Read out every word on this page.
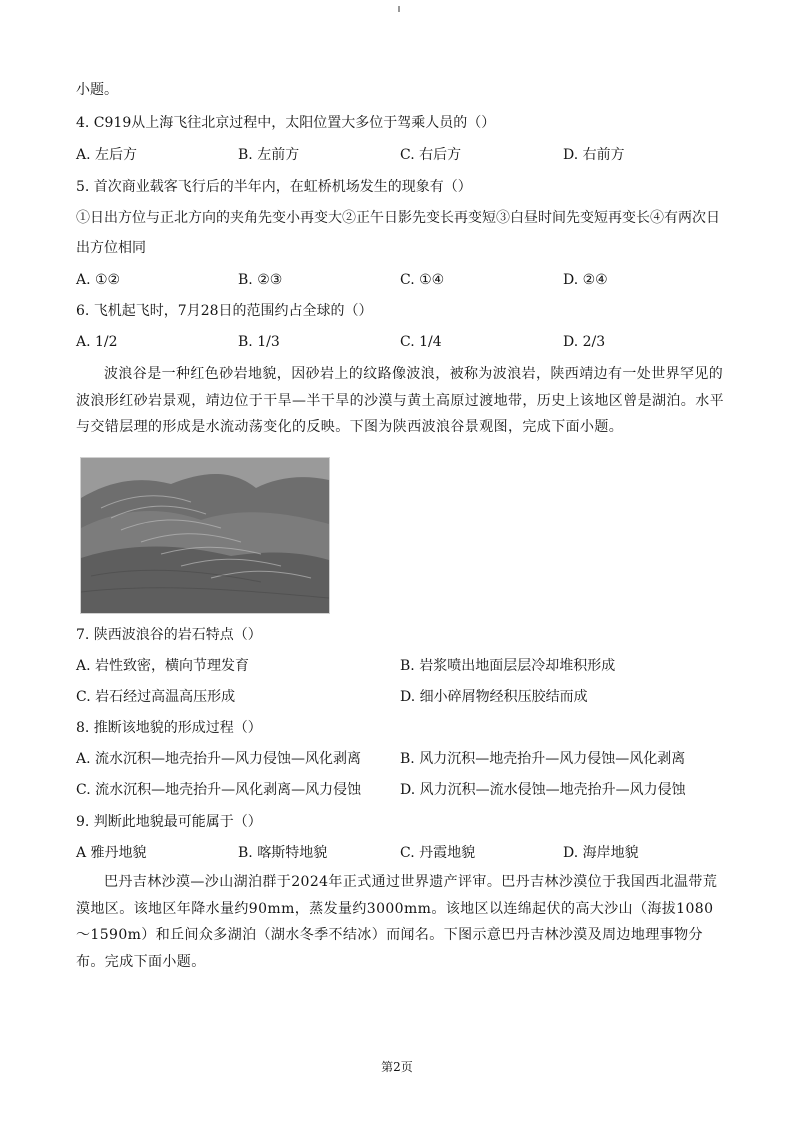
小题。
4. C919从上海飞往北京过程中，太阳位置大多位于驾乘人员的（）
A. 左后方	B. 左前方	C. 右后方	D. 右前方
5. 首次商业载客飞行后的半年内，在虹桥机场发生的现象有（）
①日出方位与正北方向的夹角先变小再变大②正午日影先变长再变短③白昼时间先变短再变长④有两次日
出方位相同
A. ①②	B. ②③	C. ①④	D. ②④
6. 飞机起飞时，7月28日的范围约占全球的（）
A. 1/2	B. 1/3	C. 1/4	D. 2/3
波浪谷是一种红色砂岩地貌，因砂岩上的纹路像波浪，被称为波浪岩，陕西靖边有一处世界罕见的波浪形红砂岩景观，靖边位于干旱—半干旱的沙漠与黄土高原过渡地带，历史上该地区曾是湖泊。水平与交错层理的形成是水流动荡变化的反映。下图为陕西波浪谷景观图，完成下面小题。
7. 陕西波浪谷的岩石特点（）
A. 岩性致密，横向节理发育	B. 岩浆喷出地面层层冷却堆积形成
C. 岩石经过高温高压形成	D. 细小碎屑物经积压胶结而成
8. 推断该地貌的形成过程（）
A. 流水沉积—地壳抬升—风力侵蚀—风化剥离	B. 风力沉积—地壳抬升—风力侵蚀—风化剥离
C. 流水沉积—地壳抬升—风化剥离—风力侵蚀	D. 风力沉积—流水侵蚀—地壳抬升—风力侵蚀
9. 判断此地貌最可能属于（）
A 雅丹地貌	B. 喀斯特地貌	C. 丹霞地貌	D. 海岸地貌
巴丹吉林沙漠—沙山湖泊群于2024年正式通过世界遗产评审。巴丹吉林沙漠位于我国西北温带荒漠地区。该地区年降水量约90mm，蒸发量约3000mm。该地区以连绵起伏的高大沙山（海拔1080～1590m）和丘间众多湖泊（湖水冬季不结冰）而闻名。下图示意巴丹吉林沙漠及周边地理事物分布。完成下面小题。
第2页
